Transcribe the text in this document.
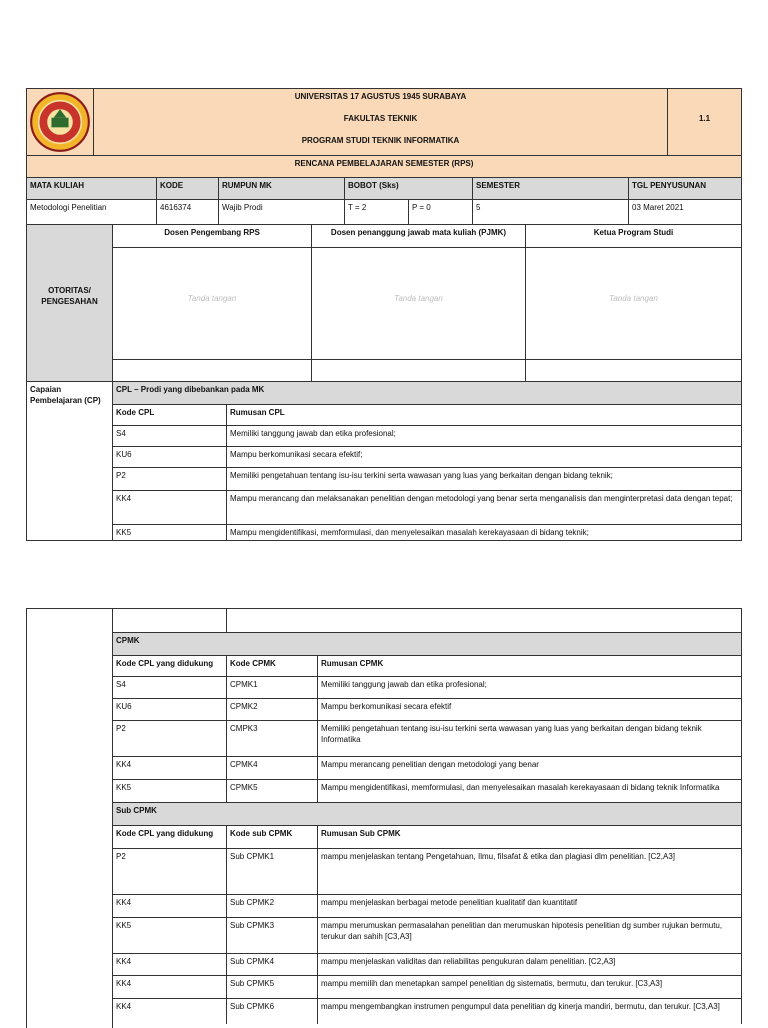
UNIVERSITAS 17 AGUSTUS 1945 SURABAYA
FAKULTAS TEKNIK
PROGRAM STUDI TEKNIK INFORMATIKA
1.1
RENCANA PEMBELAJARAN SEMESTER (RPS)
MATA KULIAH	KODE	RUMPUN MK	BOBOT (Sks)	SEMESTER	TGL PENYUSUNAN
Metodologi Penelitian	4616374	Wajib Prodi	T = 2	P = 0	5	03 Maret 2021
OTORITAS/ PENGESAHAN
Dosen Pengembang RPS	Dosen penanggung jawab mata kuliah (PJMK)	Ketua Program Studi
Tanda tangan	Tanda tangan	Tanda tangan
Capaian Pembelajaran (CP)
CPL – Prodi yang dibebankan pada MK
Kode CPL	Rumusan CPL
S4	Memiliki tanggung jawab dan etika profesional;
KU6	Mampu berkomunikasi secara efektif;
P2	Memiliki pengetahuan tentang isu-isu terkini serta wawasan yang luas yang berkaitan dengan bidang teknik;
KK4	Mampu merancang dan melaksanakan penelitian dengan metodologi yang benar serta menganalisis dan menginterpretasi data dengan tepat;
KK5	Mampu mengidentifikasi, memformulasi, dan menyelesaikan masalah kerekayasaan di bidang teknik;
CPMK
Kode CPL yang didukung	Kode CPMK	Rumusan CPMK
S4	CPMK1	Memiliki tanggung jawab dan etika profesional;
KU6	CPMK2	Mampu berkomunikasi secara efektif
P2	CMPK3	Memiliki pengetahuan tentang isu-isu terkini serta wawasan yang luas yang berkaitan dengan bidang teknik Informatika
KK4	CPMK4	Mampu merancang penelitian dengan metodologi yang benar
KK5	CPMK5	Mampu mengidentifikasi, memformulasi, dan menyelesaikan masalah kerekayasaan di bidang teknik Informatika
Sub CPMK
Kode CPL yang didukung	Kode sub CPMK	Rumusan Sub CPMK
P2	Sub CPMK1	mampu menjelaskan tentang Pengetahuan, Ilmu, filsafat & etika dan plagiasi dlm penelitian. [C2,A3]
KK4	Sub CPMK2	mampu menjelaskan berbagai metode penelitian kualitatif dan kuantitatif
KK5	Sub CPMK3	mampu merumuskan permasalahan penelitian dan merumuskan hipotesis penelitian dg sumber rujukan bermutu, terukur dan sahih [C3,A3]
KK4	Sub CPMK4	mampu menjelaskan validitas dan reliabilitas pengukuran dalam penelitian. [C2,A3]
KK4	Sub CPMK5	mampu memilih dan menetapkan sampel penelitian dg sistematis, bermutu, dan terukur. [C3,A3]
KK4	Sub CPMK6	mampu mengembangkan instrumen pengumpul data penelitian dg kinerja mandiri, bermutu, dan terukur. [C3,A3]
